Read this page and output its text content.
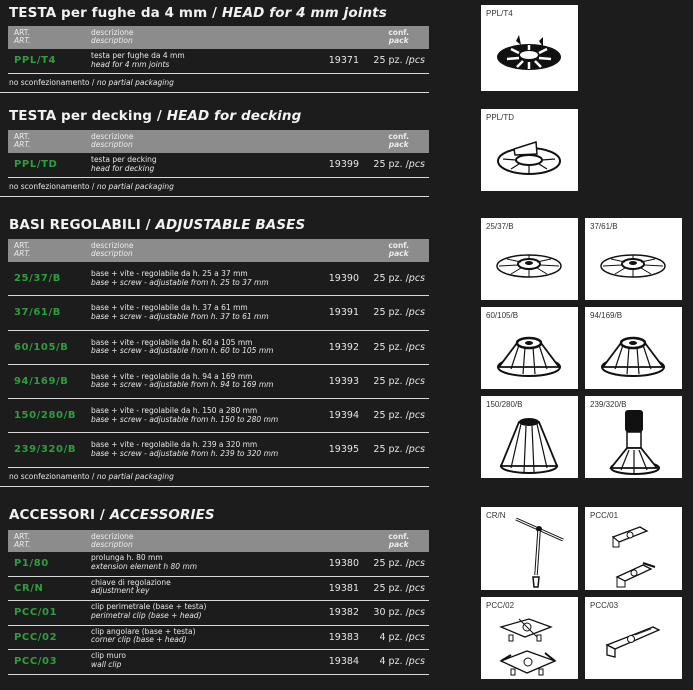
TESTA per fughe da 4 mm / HEAD for 4 mm joints
ART.
ART.
descrizione
description
conf.
pack
PPL/T4	testa per fughe da 4 mm
head for 4 mm joints	19371 25 pz. /pcs
no sconfezionamento / no partial packaging
TESTA per decking / HEAD for decking
ART.
ART.
descrizione
description
conf.
pack
PPL/TD	testa per decking
head for decking	19399 25 pz. /pcs
no sconfezionamento / no partial packaging
BASI REGOLABILI / ADJUSTABLE BASES
ART.
ART.
descrizione
description
conf.
pack
25/37/B	base + vite - regolabile da h. 25 a 37 mm
base + screw - adjustable from h. 25 to 37 mm	19390 25 pz. /pcs
37/61/B	base + vite - regolabile da h. 37 a 61 mm
base + screw - adjustable from h. 37 to 61 mm	19391 25 pz. /pcs
60/105/B	base + vite - regolabile da h. 60 a 105 mm
base + screw - adjustable from h. 60 to 105 mm	19392 25 pz. /pcs
94/169/B	base + vite - regolabile da h. 94 a 169 mm
base + screw - adjustable from h. 94 to 169 mm	19393 25 pz. /pcs
150/280/B base + vite - regolabile da h. 150 a 280 mm
base + screw - adjustable from h. 150 to 280 mm	19394 25 pz. /pcs
239/320/B base + vite - regolabile da h. 239 a 320 mm
base + screw - adjustable from h. 239 to 320 mm	19395 25 pz. /pcs
no sconfezionamento / no partial packaging
ACCESSORI / ACCESSORIES
ART.
ART.
descrizione
description
conf.
pack
P1/80
prolunga h. 80 mm
extension element h 80 mm	19380 25 pz. /pcs
CR/N
chiave di regolazione
adjustment key	19381 25 pz. /pcs
PCC/01
clip perimetrale (base + testa)
perimetral clip (base + head)	19382 30 pz. /pcs
PCC/02
clip angolare (base + testa)
corner clip (base + head)	19383 4 pz. /pcs
PCC/03
clip muro
wall clip	19384 4 pz. /pcs
PPL/T4
PPL/TD
25/37/B	37/61/B
60/105/B	94/169/B
150/280/B	239/320/B
CR/N	PCC/01
PCC/02	PCC/03
